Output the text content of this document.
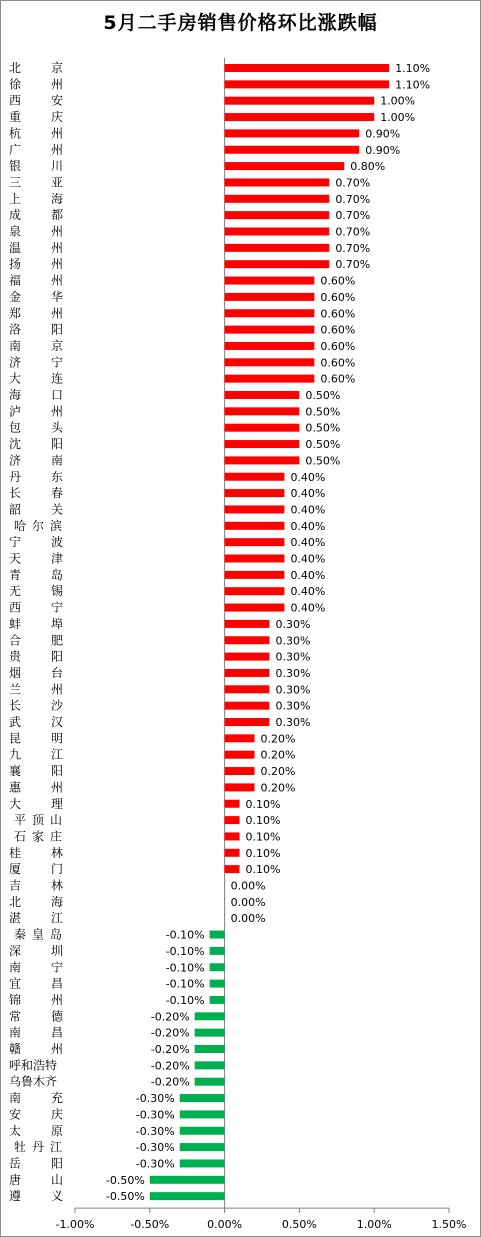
5月二手房销售价格环比涨跌幅
-1.00%	-0.50%	0.00%	0.50%	1.00%	1.50%
北　　京	1.10%
徐　　州	1.10%
西　　安	1.00%
重　　庆	1.00%
杭　　州	0.90%
广　　州	0.90%
银　　川	0.80%
三　　亚	0.70%
上　　海	0.70%
成　　都	0.70%
泉　　州	0.70%
温　　州	0.70%
扬　　州	0.70%
福　　州	0.60%
金　　华	0.60%
郑　　州	0.60%
洛　　阳	0.60%
南　　京	0.60%
济　　宁	0.60%
大　　连	0.60%
海　　口	0.50%
泸　　州	0.50%
包　　头	0.50%
沈　　阳	0.50%
济　　南	0.50%
丹　　东	0.40%
长　　春	0.40%
韶　　关	0.40%
哈 尔 滨	0.40%
宁　　波	0.40%
天　　津	0.40%
青　　岛	0.40%
无　　锡	0.40%
西　　宁	0.40%
蚌　　埠	0.30%
合　　肥	0.30%
贵　　阳	0.30%
烟　　台	0.30%
兰　　州	0.30%
长　　沙	0.30%
武　　汉	0.30%
昆　　明	0.20%
九　　江	0.20%
襄　　阳	0.20%
惠　　州	0.20%
大　　理	0.10%
平 顶 山	0.10%
石 家 庄	0.10%
桂　　林	0.10%
厦　　门	0.10%
吉　　林	0.00%
北　　海	0.00%
湛　　江	0.00%
秦 皇 岛	-0.10%
深　　圳	-0.10%
南　　宁	-0.10%
宜　　昌	-0.10%
锦　　州	-0.10%
常　　德	-0.20%
南　　昌	-0.20%
赣　　州	-0.20%
呼和浩特	-0.20%
乌鲁木齐	-0.20%
南　　充	-0.30%
安　　庆	-0.30%
太　　原	-0.30%
牡 丹 江	-0.30%
岳　　阳	-0.30%
唐　　山	-0.50%
遵　　义	-0.50%
